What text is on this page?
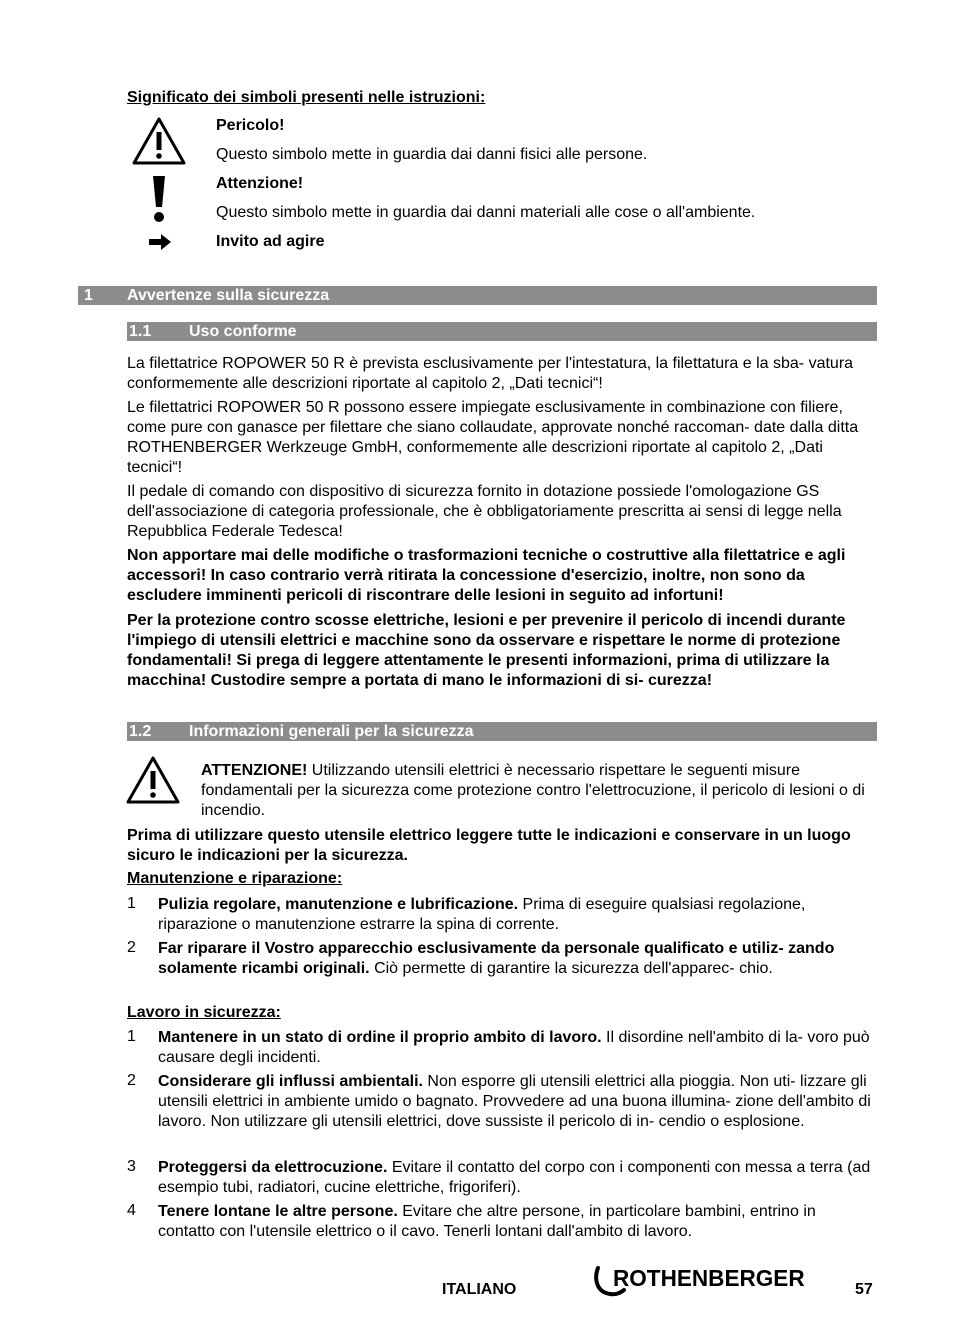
Significato dei simboli presenti nelle istruzioni:
Pericolo!
Questo simbolo mette in guardia dai danni fisici alle persone.
Attenzione!
Questo simbolo mette in guardia dai danni materiali alle cose o all'ambiente.
Invito ad agire
1 Avvertenze sulla sicurezza
1.1 Uso conforme

La filettatrice ROPOWER 50 R è prevista esclusivamente per l'intestatura, la filettatura e la sba- vatura conformemente alle descrizioni riportate al capitolo 2, „Dati tecnici“!

Le filettatrici ROPOWER 50 R possono essere impiegate esclusivamente in combinazione con filiere, come pure con ganasce per filettare che siano collaudate, approvate nonché raccoman- date dalla ditta ROTHENBERGER Werkzeuge GmbH, conformemente alle descrizioni riportate al capitolo 2, „Dati tecnici“!

Il pedale di comando con dispositivo di sicurezza fornito in dotazione possiede l'omologazione GS dell'associazione di categoria professionale, che è obbligatoriamente prescritta ai sensi di legge nella Repubblica Federale Tedesca!

Non apportare mai delle modifiche o trasformazioni tecniche o costruttive alla filettatrice e agli accessori! In caso contrario verrà ritirata la concessione d'esercizio, inoltre, non sono da escludere imminenti pericoli di riscontrare delle lesioni in seguito ad infortuni!

Per la protezione contro scosse elettriche, lesioni e per prevenire il pericolo di incendi durante l'impiego di utensili elettrici e macchine sono da osservare e rispettare le norme di protezione fondamentali! Si prega di leggere attentamente le presenti informazioni, prima di utilizzare la macchina! Custodire sempre a portata di mano le informazioni di si- curezza!

1.2 Informazioni generali per la sicurezza
ATTENZIONE! Utilizzando utensili elettrici è necessario rispettare le seguenti misure fondamentali per la sicurezza come protezione contro l'elettrocuzione, il pericolo di lesioni o di incendio.
Prima di utilizzare questo utensile elettrico leggere tutte le indicazioni e conservare in un luogo sicuro le indicazioni per la sicurezza.
Manutenzione e riparazione:
1 Pulizia regolare, manutenzione e lubrificazione. Prima di eseguire qualsiasi regolazione, riparazione o manutenzione estrarre la spina di corrente.
2 Far riparare il Vostro apparecchio esclusivamente da personale qualificato e utiliz- zando solamente ricambi originali. Ciò permette di garantire la sicurezza dell'apparec- chio.
Lavoro in sicurezza:
1 Mantenere in un stato di ordine il proprio ambito di lavoro. Il disordine nell'ambito di la- voro può causare degli incidenti.
2 Considerare gli influssi ambientali. Non esporre gli utensili elettrici alla pioggia. Non uti- lizzare gli utensili elettrici in ambiente umido o bagnato. Provvedere ad una buona illumina- zione dell'ambito di lavoro. Non utilizzare gli utensili elettrici, dove sussiste il pericolo di in- cendio o esplosione.
3 Proteggersi da elettrocuzione. Evitare il contatto del corpo con i componenti con messa a terra (ad esempio tubi, radiatori, cucine elettriche, frigoriferi).
4 Tenere lontane le altre persone. Evitare che altre persone, in particolare bambini, entrino in contatto con l'utensile elettrico o il cavo. Tenerli lontani dall'ambito di lavoro.
ITALIANO	ROTHENBERGER	57
